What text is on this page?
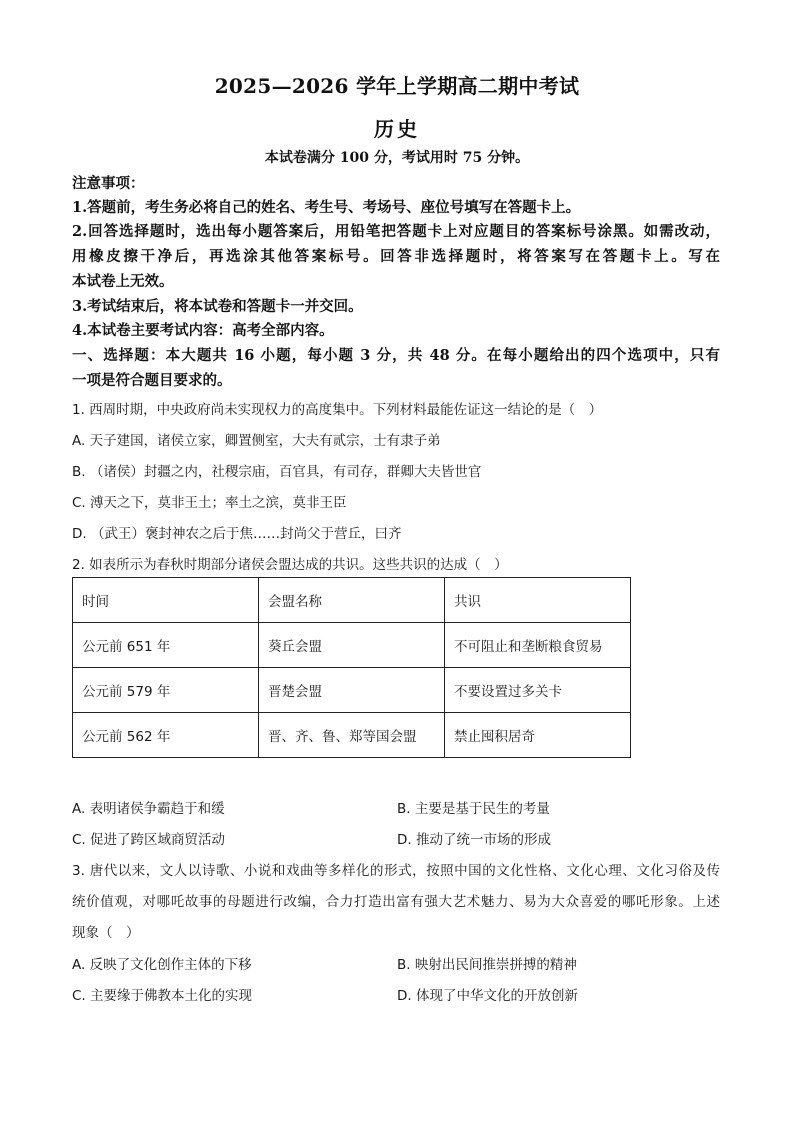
2025—2026 学年上学期高二期中考试
历史
本试卷满分 100 分，考试用时 75 分钟。
注意事项：
1.答题前，考生务必将自己的姓名、考生号、考场号、座位号填写在答题卡上。
2.回答选择题时，选出每小题答案后，用铅笔把答题卡上对应题目的答案标号涂黑。如需改动，
用橡皮擦干净后，再选涂其他答案标号。回答非选择题时，将答案写在答题卡上。写在
本试卷上无效。
3.考试结束后，将本试卷和答题卡一并交回。
4.本试卷主要考试内容：高考全部内容。
一、选择题：本大题共 16 小题，每小题 3 分，共 48 分。在每小题给出的四个选项中，只有
一项是符合题目要求的。
1. 西周时期，中央政府尚未实现权力的高度集中。下列材料最能佐证这一结论的是（　）
A. 天子建国，诸侯立家，卿置侧室，大夫有贰宗，士有隶子弟
B. （诸侯）封疆之内，社稷宗庙，百官具，有司存，群卿大夫皆世官
C. 溥天之下，莫非王土；率土之滨，莫非王臣
D. （武王）褒封神农之后于焦……封尚父于营丘，曰齐
2. 如表所示为春秋时期部分诸侯会盟达成的共识。这些共识的达成（　）
时间	会盟名称	共识
公元前 651 年	葵丘会盟	不可阻止和垄断粮食贸易
公元前 579 年	晋楚会盟	不要设置过多关卡
公元前 562 年	晋、齐、鲁、郑等国会盟	禁止囤积居奇
A. 表明诸侯争霸趋于和缓	B. 主要是基于民生的考量
C. 促进了跨区域商贸活动	D. 推动了统一市场的形成
3. 唐代以来，文人以诗歌、小说和戏曲等多样化的形式，按照中国的文化性格、文化心理、文化习俗及传
统价值观，对哪吒故事的母题进行改编，合力打造出富有强大艺术魅力、易为大众喜爱的哪吒形象。上述
现象（　）
A. 反映了文化创作主体的下移	B. 映射出民间推崇拼搏的精神
C. 主要缘于佛教本土化的实现	D. 体现了中华文化的开放创新
